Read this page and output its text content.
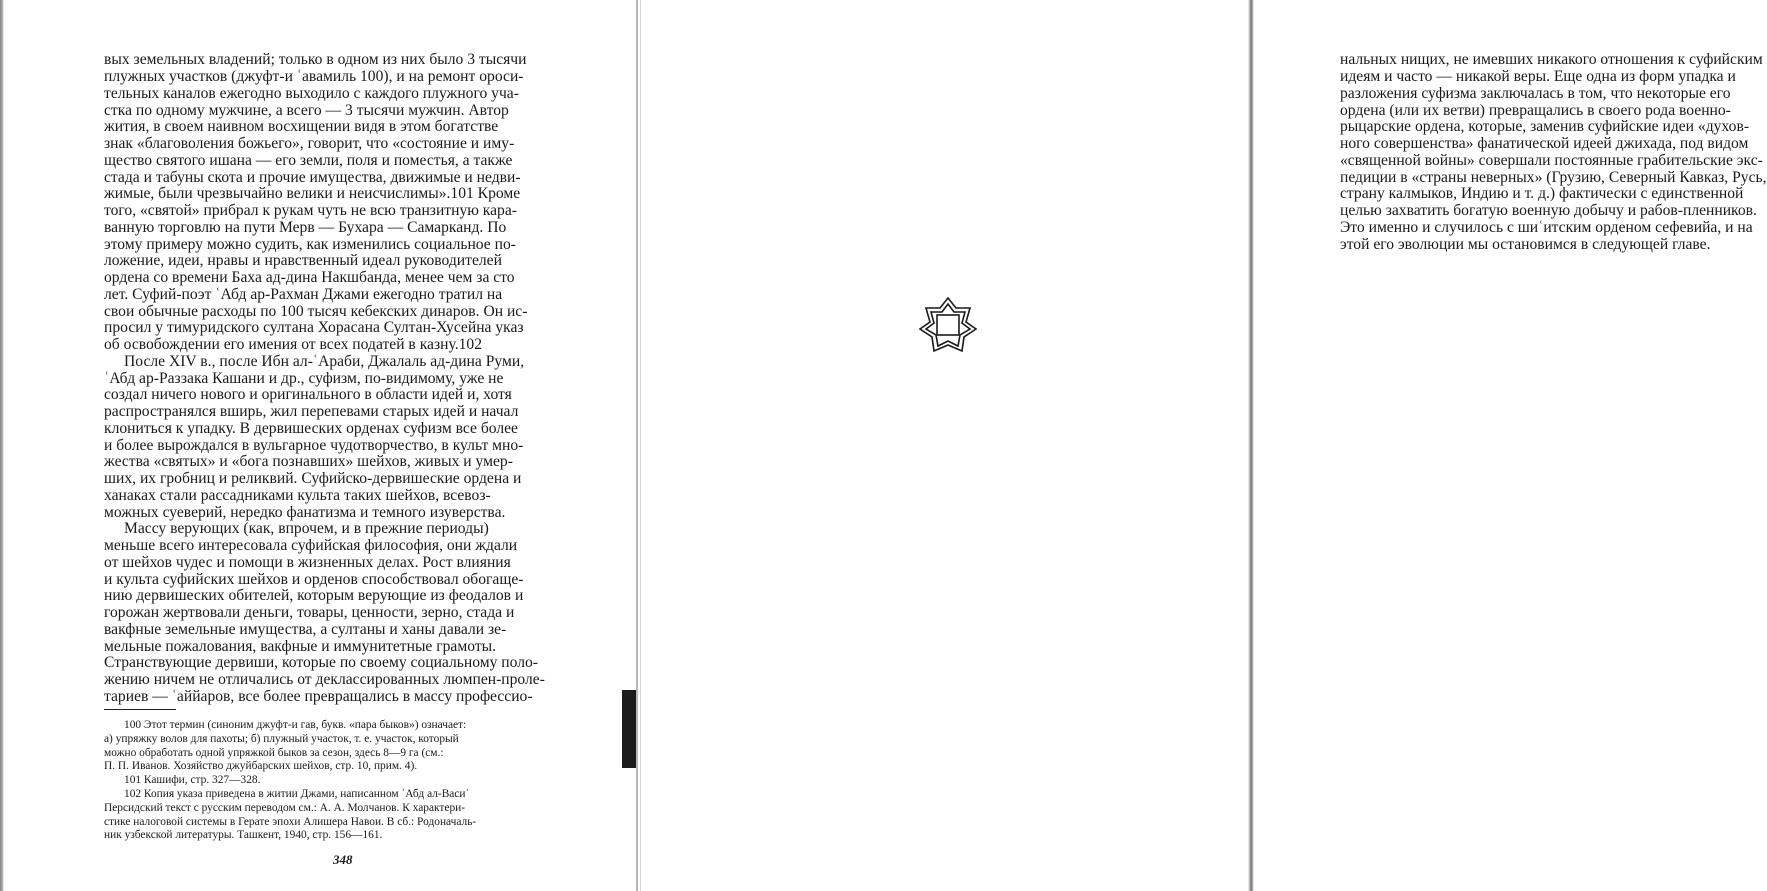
вых земельных владений; только в одном из них было 3 тысячи
плужных участков (джуфт-и ʿавамиль 100), и на ремонт ороси-
тельных каналов ежегодно выходило с каждого плужного уча-
стка по одному мужчине, а всего — 3 тысячи мужчин. Автор
жития, в своем наивном восхищении видя в этом богатстве
знак «благоволения божьего», говорит, что «состояние и иму-
щество святого ишана — его земли, поля и поместья, а также
стада и табуны скота и прочие имущества, движимые и недви-
жимые, были чрезвычайно велики и неисчислимы».101 Кроме
того, «святой» прибрал к рукам чуть не всю транзитную кара-
ванную торговлю на пути Мерв — Бухара — Самарканд. По
этому примеру можно судить, как изменились социальное по-
ложение, идеи, нравы и нравственный идеал руководителей
ордена со времени Баха ад-дина Накшбанда, менее чем за сто
лет. Суфий-поэт ʿАбд ар-Рахман Джами ежегодно тратил на
свои обычные расходы по 100 тысяч кебекских динаров. Он ис-
просил у тимуридского султана Хорасана Султан-Хусейна указ
об освобождении его имения от всех податей в казну.102
После XIV в., после Ибн ал-ʿАраби, Джалаль ад-дина Руми,
ʿАбд ар-Раззака Кашани и др., суфизм, по-видимому, уже не
создал ничего нового и оригинального в области идей и, хотя
распространялся вширь, жил перепевами старых идей и начал
клониться к упадку. В дервишеских орденах суфизм все более
и более вырождался в вульгарное чудотворчество, в культ мно-
жества «святых» и «бога познавших» шейхов, живых и умер-
ших, их гробниц и реликвий. Суфийско-дервишеские ордена и
ханаках стали рассадниками культа таких шейхов, всевоз-
можных суеверий, нередко фанатизма и темного изуверства.
Массу верующих (как, впрочем, и в прежние периоды)
меньше всего интересовала суфийская философия, они ждали
от шейхов чудес и помощи в жизненных делах. Рост влияния
и культа суфийских шейхов и орденов способствовал обогаще-
нию дервишеских обителей, которым верующие из феодалов и
горожан жертвовали деньги, товары, ценности, зерно, стада и
вакфные земельные имущества, а султаны и ханы давали зе-
мельные пожалования, вакфные и иммунитетные грамоты.
Странствующие дервиши, которые по своему социальному поло-
жению ничем не отличались от деклассированных люмпен-проле-
тариев — ʿаййаров, все более превращались в массу профессио-
100 Этот термин (синоним джуфт-и гав, букв. «пара быков») означает:
а) упряжку волов для пахоты; б) плужный участок, т. е. участок, который
можно обработать одной упряжкой быков за сезон, здесь 8—9 га (см.:
П. П. Иванов. Хозяйство джуйбарских шейхов, стр. 10, прим. 4).
101 Кашифи, стр. 327—328.
102 Копия указа приведена в житии Джами, написанном ʿАбд ал-Васиʿ
Персидский текст с русским переводом см.: А. А. Молчанов. К характери-
стике налоговой системы в Герате эпохи Алишера Навои. В сб.: Родоначаль-
ник узбекской литературы. Ташкент, 1940, стр. 156—161.
348
нальных нищих, не имевших никакого отношения к суфийским
идеям и часто — никакой веры. Еще одна из форм упадка и
разложения суфизма заключалась в том, что некоторые его
ордена (или их ветви) превращались в своего рода военно-
рыцарские ордена, которые, заменив суфийские идеи «духов-
ного совершенства» фанатической идеей джихада, под видом
«священной войны» совершали постоянные грабительские экс-
педиции в «страны неверных» (Грузию, Северный Кавказ, Русь,
страну калмыков, Индию и т. д.) фактически с единственной
целью захватить богатую военную добычу и рабов-пленников.
Это именно и случилось с шиʿитским орденом сефевийа, и на
этой его эволюции мы остановимся в следующей главе.
